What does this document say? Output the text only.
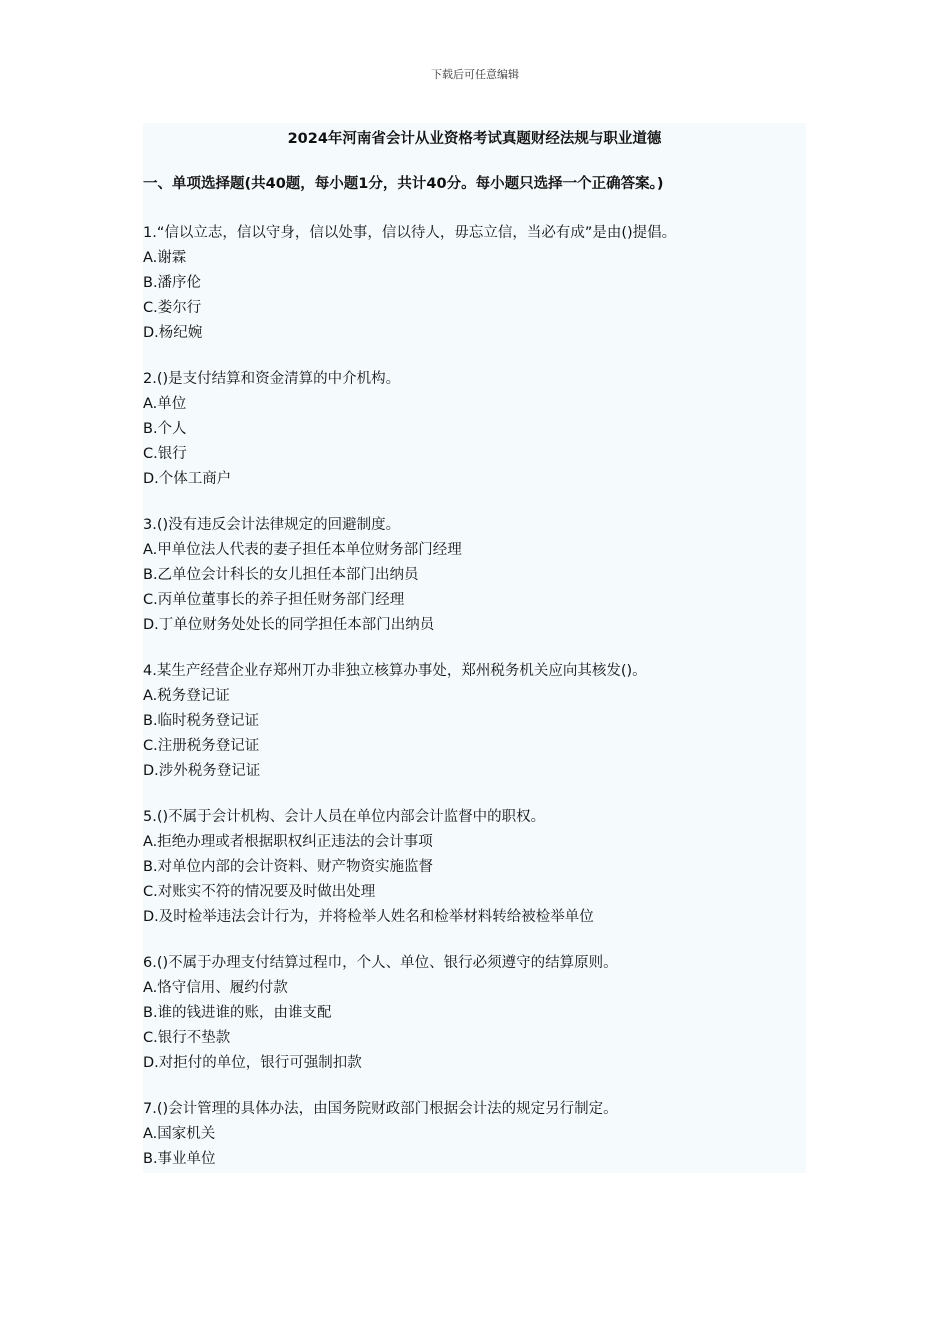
下载后可任意编辑
2024年河南省会计从业资格考试真题财经法规与职业道德
一、单项选择题(共40题，每小题1分，共计40分。每小题只选择一个正确答案。)
1.“信以立志，信以守身，信以处事，信以待人，毋忘立信，当必有成”是由()提倡。
A.谢霖
B.潘序伦
C.娄尔行
D.杨纪婉
2.()是支付结算和资金清算的中介机构。
A.单位
B.个人
C.银行
D.个体工商户
3.()没有违反会计法律规定的回避制度。
A.甲单位法人代表的妻子担任本单位财务部门经理
B.乙单位会计科长的女儿担任本部门出纳员
C.丙单位董事长的养子担任财务部门经理
D.丁单位财务处处长的同学担任本部门出纳员
4.某生产经营企业存郑州丌办非独立核算办事处，郑州税务机关应向其核发()。
A.税务登记证
B.临时税务登记证
C.注册税务登记证
D.涉外税务登记证
5.()不属于会计机构、会计人员在单位内部会计监督中的职权。
A.拒绝办理或者根据职权纠正违法的会计事项
B.对单位内部的会计资料、财产物资实施监督
C.对账实不符的情况要及时做出处理
D.及时检举违法会计行为，并将检举人姓名和检举材料转给被检举单位
6.()不属于办理支付结算过程巾，个人、单位、银行必须遵守的结算原则。
A.恪守信用、履约付款
B.谁的钱进谁的账，由谁支配
C.银行不垫款
D.对拒付的单位，银行可强制扣款
7.()会计管理的具体办法，由国务院财政部门根据会计法的规定另行制定。
A.国家机关
B.事业单位
